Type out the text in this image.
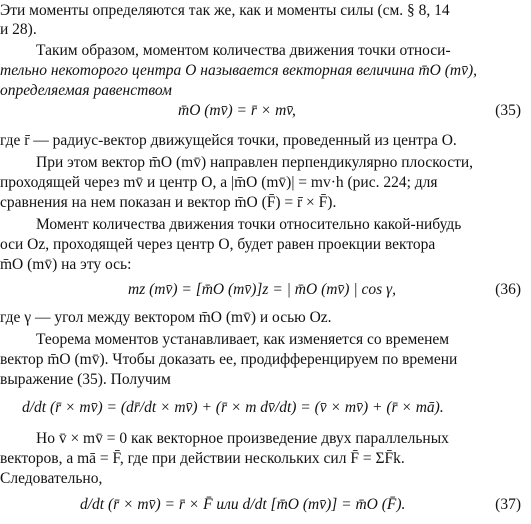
Эти моменты определяются так же, как и моменты силы (см. § 8, 14
и 28).
Таким образом, моментом количества движения точки относи-
тельно некоторого центра O называется векторная величина m̄O (mv̄),
определяемая равенством
m̄O (mv̄) = r̄ × mv̄,	(35)
где r̄ — радиус-вектор движущейся точки, проведенный из центра O.
При этом вектор m̄O (mv̄) направлен перпендикулярно плоскости,
проходящей через mv̄ и центр O, а |m̄O (mv̄)| = mv·h (рис. 224; для
сравнения на нем показан и вектор m̄O (F̄) = r̄ × F̄).
Момент количества движения точки относительно какой-нибудь
оси Oz, проходящей через центр O, будет равен проекции вектора
m̄O (mv̄) на эту ось:
mz (mv̄) = [m̄O (mv̄)]z = | m̄O (mv̄) | cos γ,	(36)
где γ — угол между вектором m̄O (mv̄) и осью Oz.
Теорема моментов устанавливает, как изменяется со временем
вектор m̄O (mv̄). Чтобы доказать ее, продифференцируем по времени
выражение (35). Получим
d/dt (r̄ × mv̄) = (dr̄/dt × mv̄) + (r̄ × m dv̄/dt) = (v̄ × mv̄) + (r̄ × mā).
Но v̄ × mv̄ = 0 как векторное произведение двух параллельных
векторов, а mā = F̄, где при действии нескольких сил F̄ = ΣF̄k.
Следовательно,
d/dt (r̄ × mv̄) = r̄ × F̄ или d/dt [m̄O (mv̄)] = m̄O (F̄).	(37)
